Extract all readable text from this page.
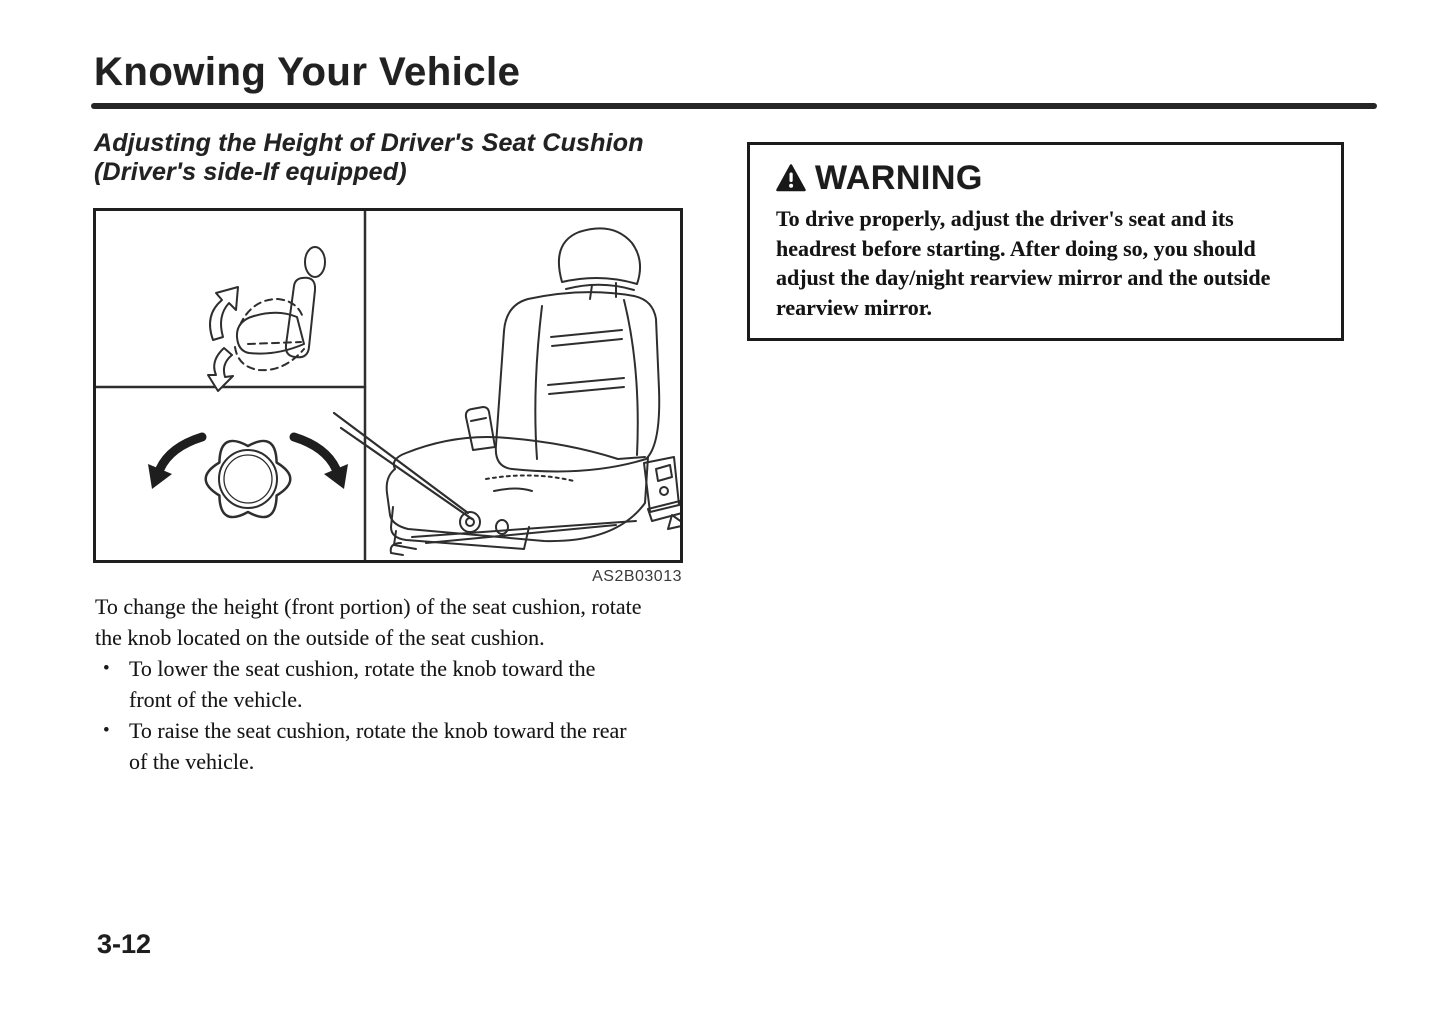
Knowing Your Vehicle
Adjusting the Height of Driver's Seat Cushion
(Driver's side-If equipped)
AS2B03013

To change the height (front portion) of the seat cushion, rotate the knob located on the outside of the seat cushion.

• To lower the seat cushion, rotate the knob toward the front of the vehicle.
• To raise the seat cushion, rotate the knob toward the rear of the vehicle.
WARNING
To drive properly, adjust the driver's seat and its headrest before starting. After doing so, you should adjust the day/night rearview mirror and the outside rearview mirror.
3-12
